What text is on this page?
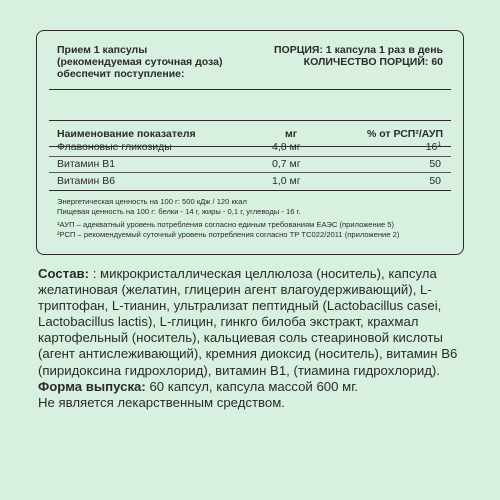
Прием 1 капсулы
(рекомендуемая суточная доза)
обеспечит поступление:
ПОРЦИЯ: 1 капсула 1 раз в день
КОЛИЧЕСТВО ПОРЦИЙ: 60
Наименование показателя	мг	% от РСП²/АУП
Флавоновые гликозиды	4,8 мг	$16^1$
Витамин B1	0,7 мг	50
Витамин B6	1,0 мг	50
Энергетическая ценность на 100 г: 500 кДж / 120 ккал
Пищевая ценность на 100 г: белки - 14 г, жиры - 0,1 г, углеводы - 16 г.
¹АУП – адекватный уровень потребления согласно единым требованиям ЕАЭС (приложение 5)
²РСП – рекомендуемый суточный уровень потребления согласно ТР ТС022/2011 (приложение 2)
Состав: : микрокристаллическая целлюлоза (носитель), капсула желатиновая (желатин, глицерин агент влагоудерживающий), L-триптофан, L-тианин, ультрализат пептидный (Lactobacillus casei, Lactobacillus lactis), L-глицин, гинкго билоба экстракт, крахмал картофельный (носитель), кальциевая соль стеариновой кислоты (агент антислеживающий), кремния диоксид (носитель), витамин В6 (пиридоксина гидрохлорид), витамин В1, (тиамина гидрохлорид).
Форма выпуска: 60 капсул, капсула массой 600 мг.
Не является лекарственным средством.
